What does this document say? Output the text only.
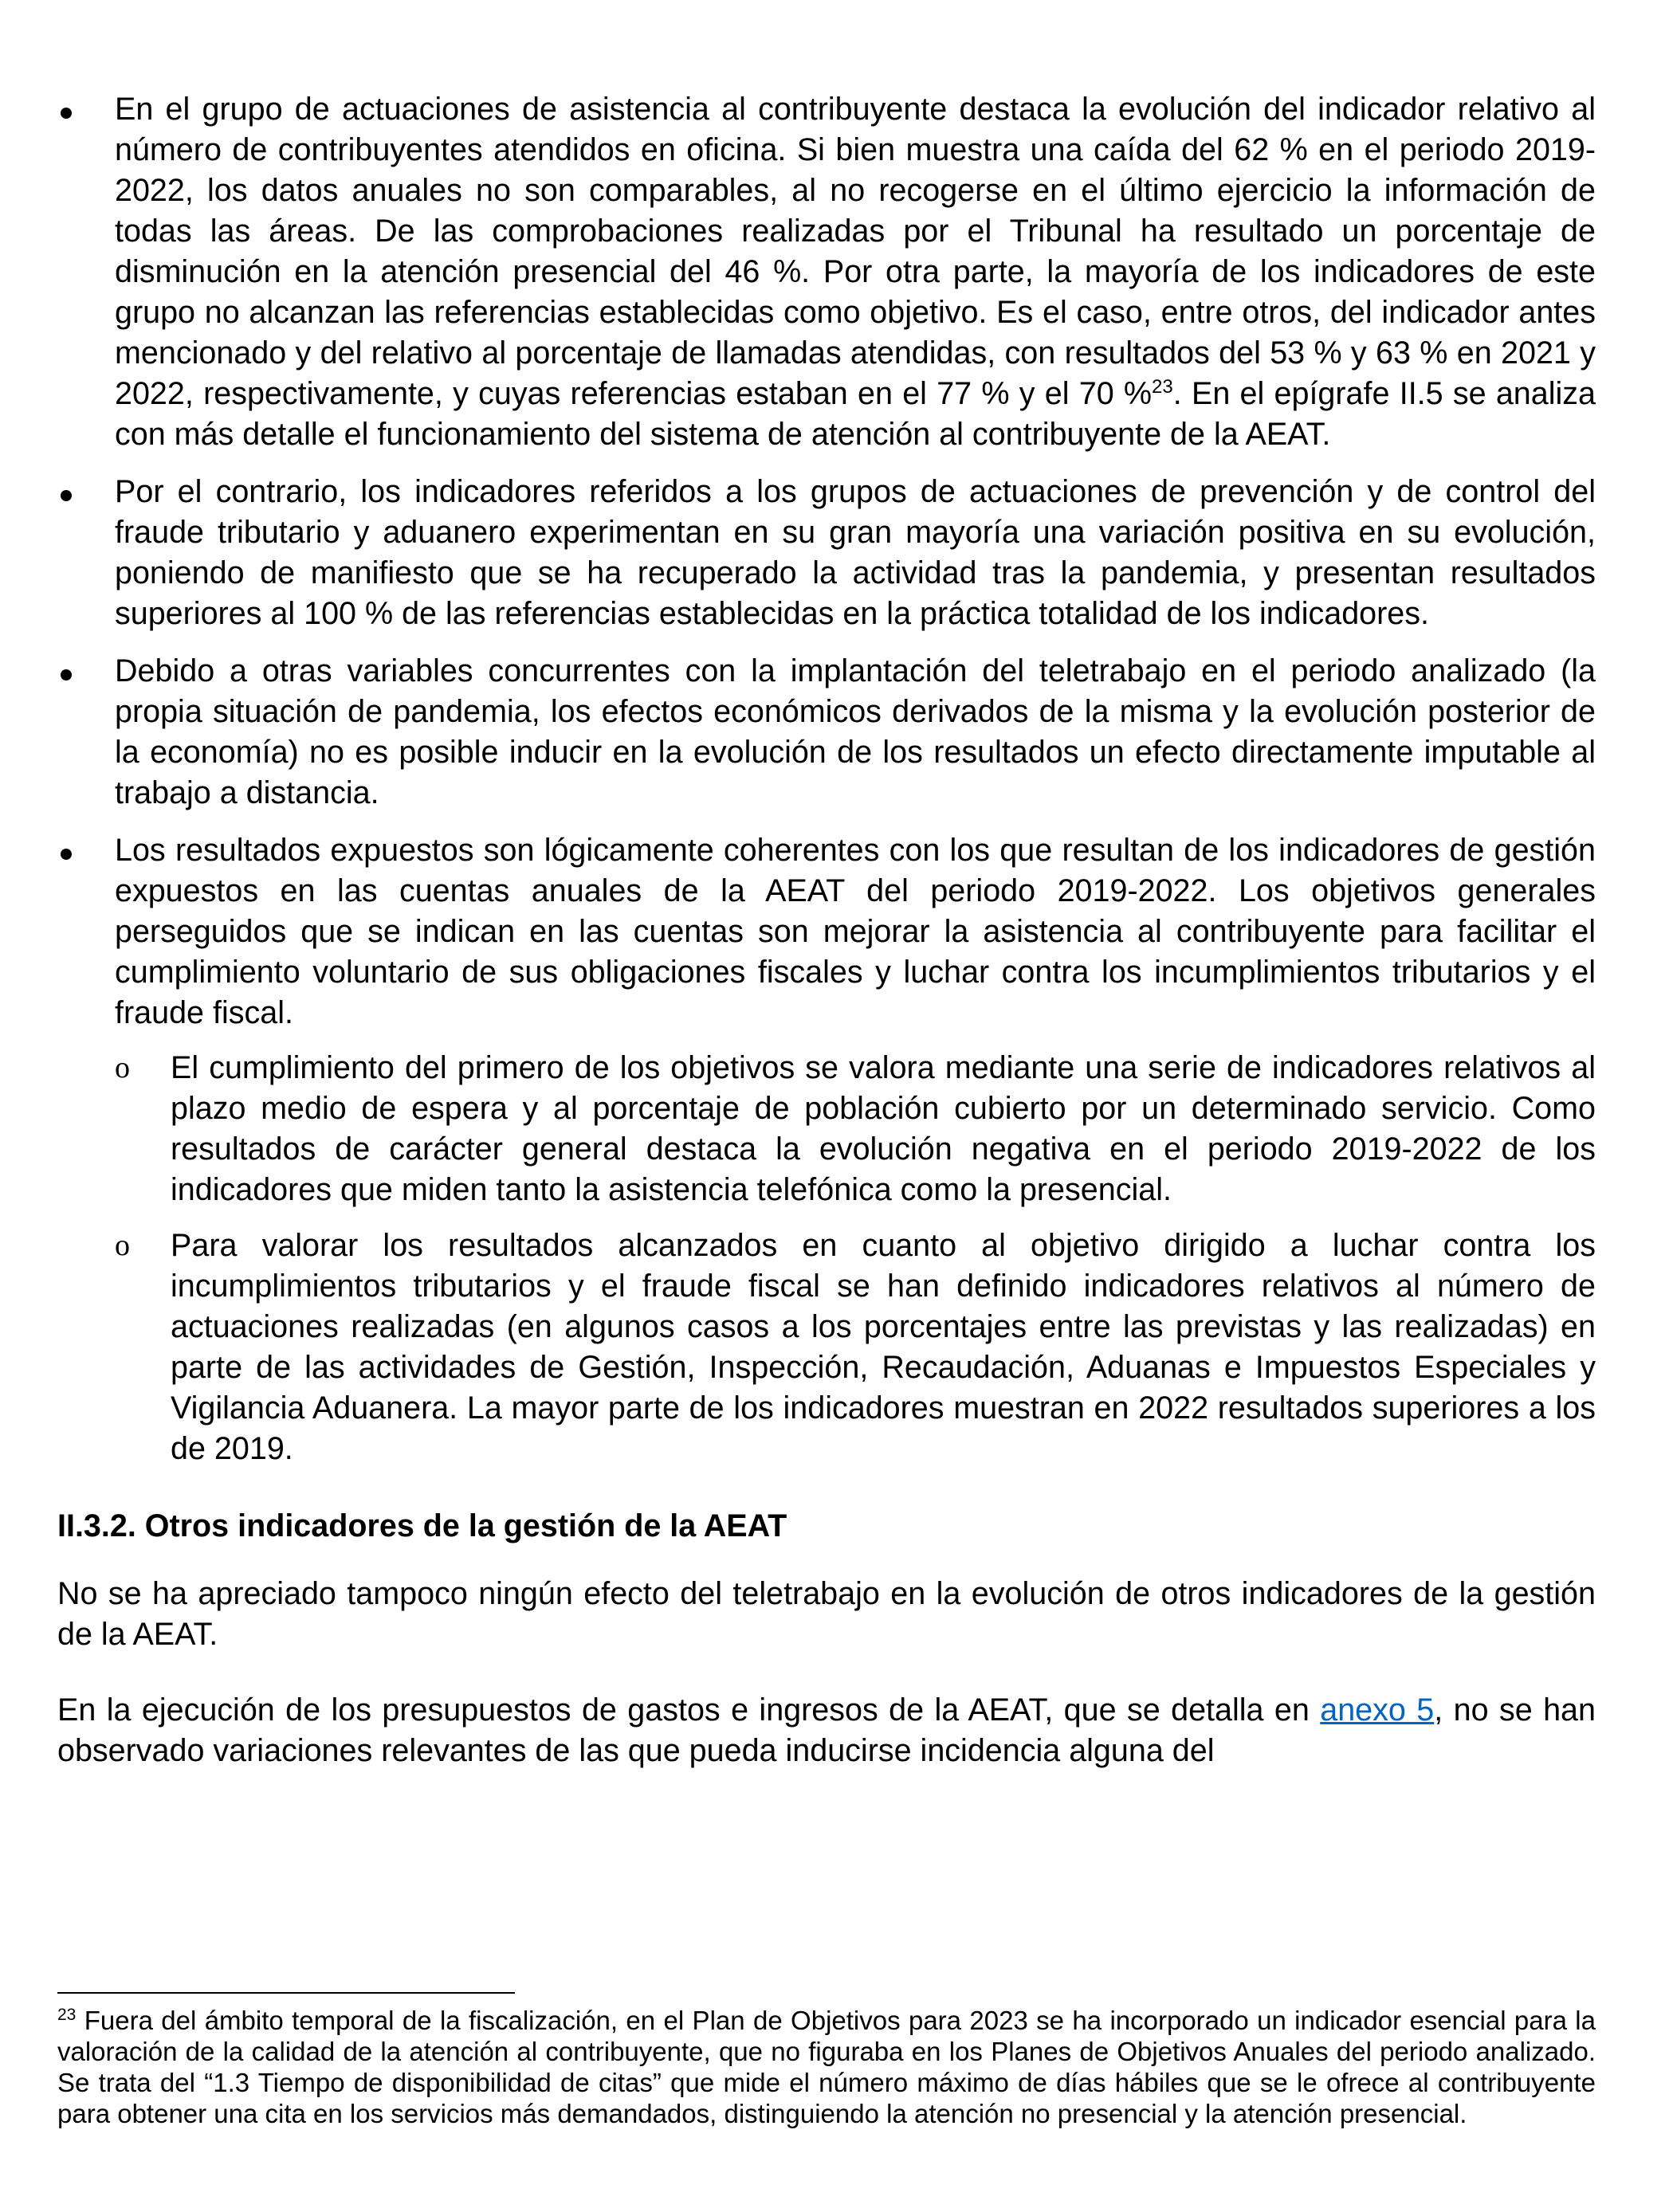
En el grupo de actuaciones de asistencia al contribuyente destaca la evolución del indicador relativo al número de contribuyentes atendidos en oficina. Si bien muestra una caída del 62 % en el periodo 2019-2022, los datos anuales no son comparables, al no recogerse en el último ejercicio la información de todas las áreas. De las comprobaciones realizadas por el Tribunal ha resultado un porcentaje de disminución en la atención presencial del 46 %. Por otra parte, la mayoría de los indicadores de este grupo no alcanzan las referencias establecidas como objetivo. Es el caso, entre otros, del indicador antes mencionado y del relativo al porcentaje de llamadas atendidas, con resultados del 53 % y 63 % en 2021 y 2022, respectivamente, y cuyas referencias estaban en el 77 % y el 70 %$^{23}$. En el epígrafe II.5 se analiza con más detalle el funcionamiento del sistema de atención al contribuyente de la AEAT.

Por el contrario, los indicadores referidos a los grupos de actuaciones de prevención y de control del fraude tributario y aduanero experimentan en su gran mayoría una variación positiva en su evolución, poniendo de manifiesto que se ha recuperado la actividad tras la pandemia, y presentan resultados superiores al 100 % de las referencias establecidas en la práctica totalidad de los indicadores.

Debido a otras variables concurrentes con la implantación del teletrabajo en el periodo analizado (la propia situación de pandemia, los efectos económicos derivados de la misma y la evolución posterior de la economía) no es posible inducir en la evolución de los resultados un efecto directamente imputable al trabajo a distancia.

Los resultados expuestos son lógicamente coherentes con los que resultan de los indicadores de gestión expuestos en las cuentas anuales de la AEAT del periodo 2019-2022. Los objetivos generales perseguidos que se indican en las cuentas son mejorar la asistencia al contribuyente para facilitar el cumplimiento voluntario de sus obligaciones fiscales y luchar contra los incumplimientos tributarios y el fraude fiscal.

o El cumplimiento del primero de los objetivos se valora mediante una serie de indicadores relativos al plazo medio de espera y al porcentaje de población cubierto por un determinado servicio. Como resultados de carácter general destaca la evolución negativa en el periodo 2019-2022 de los indicadores que miden tanto la asistencia telefónica como la presencial.

o Para valorar los resultados alcanzados en cuanto al objetivo dirigido a luchar contra los incumplimientos tributarios y el fraude fiscal se han definido indicadores relativos al número de actuaciones realizadas (en algunos casos a los porcentajes entre las previstas y las realizadas) en parte de las actividades de Gestión, Inspección, Recaudación, Aduanas e Impuestos Especiales y Vigilancia Aduanera. La mayor parte de los indicadores muestran en 2022 resultados superiores a los de 2019.

II.3.2. Otros indicadores de la gestión de la AEAT

No se ha apreciado tampoco ningún efecto del teletrabajo en la evolución de otros indicadores de la gestión de la AEAT.

En la ejecución de los presupuestos de gastos e ingresos de la AEAT, que se detalla en anexo 5, no se han observado variaciones relevantes de las que pueda inducirse incidencia alguna del

$^{23}$ Fuera del ámbito temporal de la fiscalización, en el Plan de Objetivos para 2023 se ha incorporado un indicador esencial para la valoración de la calidad de la atención al contribuyente, que no figuraba en los Planes de Objetivos Anuales del periodo analizado. Se trata del “1.3 Tiempo de disponibilidad de citas” que mide el número máximo de días hábiles que se le ofrece al contribuyente para obtener una cita en los servicios más demandados, distinguiendo la atención no presencial y la atención presencial.
